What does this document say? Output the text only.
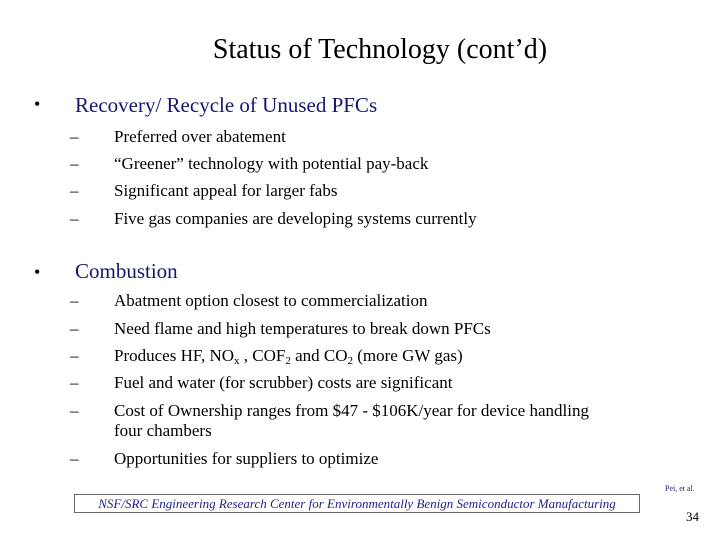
Status of Technology (cont’d)
• Recovery/ Recycle of Unused PFCs
– Preferred over abatement
– “Greener” technology with potential pay-back
– Significant appeal for larger fabs
– Five gas companies are developing systems currently
• Combustion
– Abatment option closest to commercialization
– Need flame and high temperatures to break down PFCs
– Produces HF, $NO_x$ , $COF_2$ and $CO_2$ (more GW gas)
– Fuel and water (for scrubber) costs are significant
– Cost of Ownership ranges from $47 - $106K/year for device handling
four chambers
– Opportunities for suppliers to optimize
NSF/SRC Engineering Research Center for Environmentally Benign Semiconductor Manufacturing
Pei, et al.
34
